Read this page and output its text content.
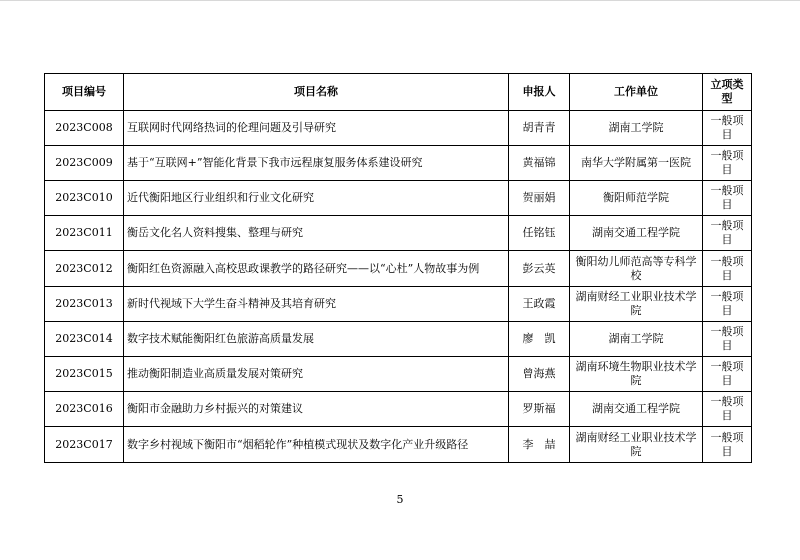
项目编号	项目名称	申报人	工作单位	立项类型
2023C008	互联网时代网络热词的伦理问题及引导研究	胡青青	湖南工学院	一般项目
2023C009	基于“互联网+”智能化背景下我市远程康复服务体系建设研究	黄福锦	南华大学附属第一医院	一般项目
2023C010	近代衡阳地区行业组织和行业文化研究	贺丽娟	衡阳师范学院	一般项目
2023C011	衡岳文化名人资料搜集、整理与研究	任铭钰	湖南交通工程学院	一般项目
2023C012	衡阳红色资源融入高校思政课教学的路径研究——以“心杜”人物故事为例	彭云英	衡阳幼儿师范高等专科学校	一般项目
2023C013	新时代视域下大学生奋斗精神及其培育研究	王政霞	湖南财经工业职业技术学院	一般项目
2023C014	数字技术赋能衡阳红色旅游高质量发展	廖　凯	湖南工学院	一般项目
2023C015	推动衡阳制造业高质量发展对策研究	曾海燕	湖南环境生物职业技术学院	一般项目
2023C016	衡阳市金融助力乡村振兴的对策建议	罗斯福	湖南交通工程学院	一般项目
2023C017	数字乡村视域下衡阳市“烟稻轮作”种植模式现状及数字化产业升级路径	李　喆	湖南财经工业职业技术学院	一般项目
5
